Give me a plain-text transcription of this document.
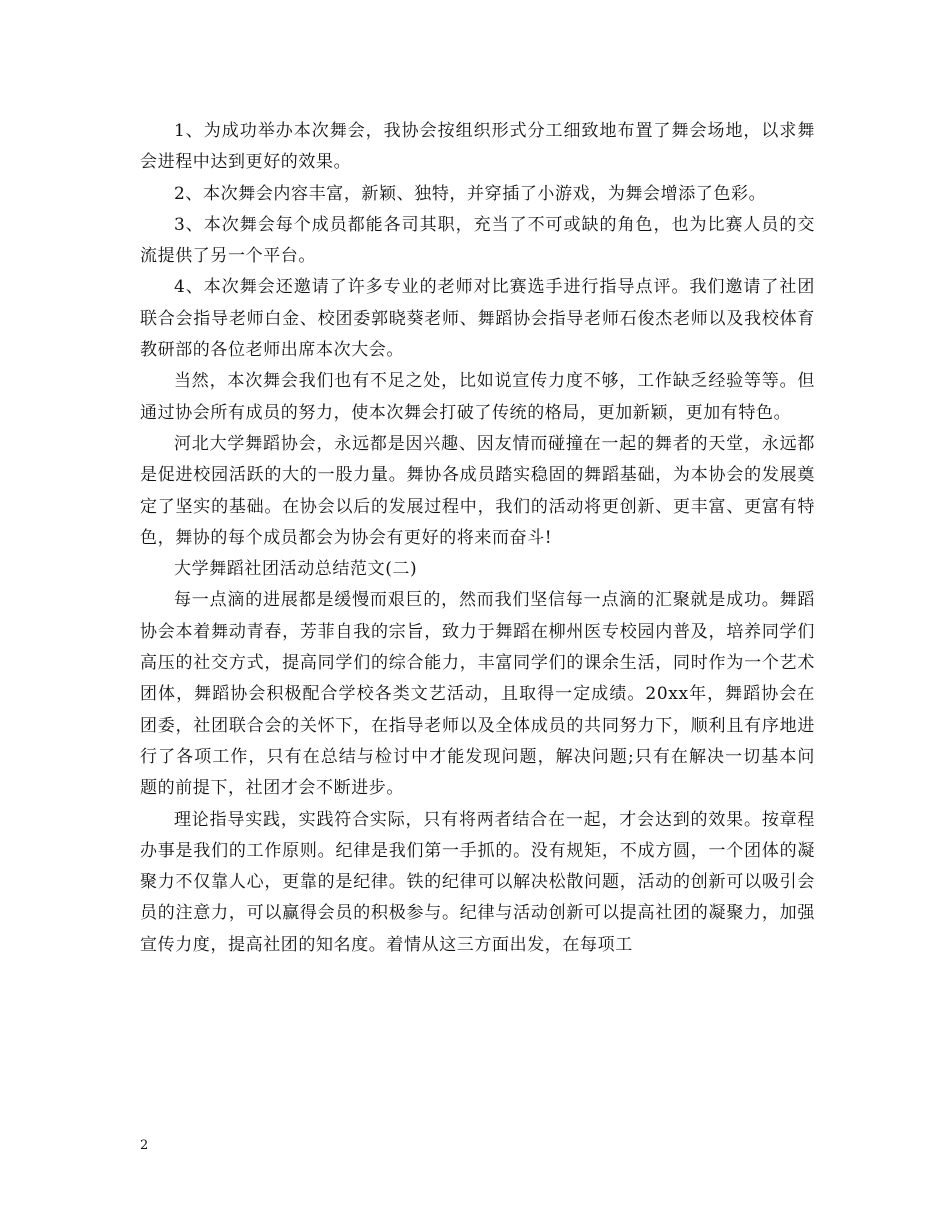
1、为成功举办本次舞会，我协会按组织形式分工细致地布置了舞会场地，以求舞会进程中达到更好的效果。

2、本次舞会内容丰富，新颖、独特，并穿插了小游戏，为舞会增添了色彩。

3、本次舞会每个成员都能各司其职，充当了不可或缺的角色，也为比赛人员的交流提供了另一个平台。

4、本次舞会还邀请了许多专业的老师对比赛选手进行指导点评。我们邀请了社团联合会指导老师白金、校团委郭晓葵老师、舞蹈协会指导老师石俊杰老师以及我校体育教研部的各位老师出席本次大会。

当然，本次舞会我们也有不足之处，比如说宣传力度不够，工作缺乏经验等等。但通过协会所有成员的努力，使本次舞会打破了传统的格局，更加新颖，更加有特色。

河北大学舞蹈协会，永远都是因兴趣、因友情而碰撞在一起的舞者的天堂，永远都是促进校园活跃的大的一股力量。舞协各成员踏实稳固的舞蹈基础，为本协会的发展奠定了坚实的基础。在协会以后的发展过程中，我们的活动将更创新、更丰富、更富有特色，舞协的每个成员都会为协会有更好的将来而奋斗!

大学舞蹈社团活动总结范文(二)

每一点滴的进展都是缓慢而艰巨的，然而我们坚信每一点滴的汇聚就是成功。舞蹈协会本着舞动青春，芳菲自我的宗旨，致力于舞蹈在柳州医专校园内普及，培养同学们高压的社交方式，提高同学们的综合能力，丰富同学们的课余生活，同时作为一个艺术团体，舞蹈协会积极配合学校各类文艺活动，且取得一定成绩。20xx年，舞蹈协会在团委，社团联合会的关怀下，在指导老师以及全体成员的共同努力下，顺利且有序地进行了各项工作，只有在总结与检讨中才能发现问题，解决问题;只有在解决一切基本问题的前提下，社团才会不断进步。

理论指导实践，实践符合实际，只有将两者结合在一起，才会达到的效果。按章程办事是我们的工作原则。纪律是我们第一手抓的。没有规矩，不成方圆，一个团体的凝聚力不仅靠人心，更靠的是纪律。铁的纪律可以解决松散问题，活动的创新可以吸引会员的注意力，可以赢得会员的积极参与。纪律与活动创新可以提高社团的凝聚力，加强宣传力度，提高社团的知名度。着情从这三方面出发，在每项工

2
